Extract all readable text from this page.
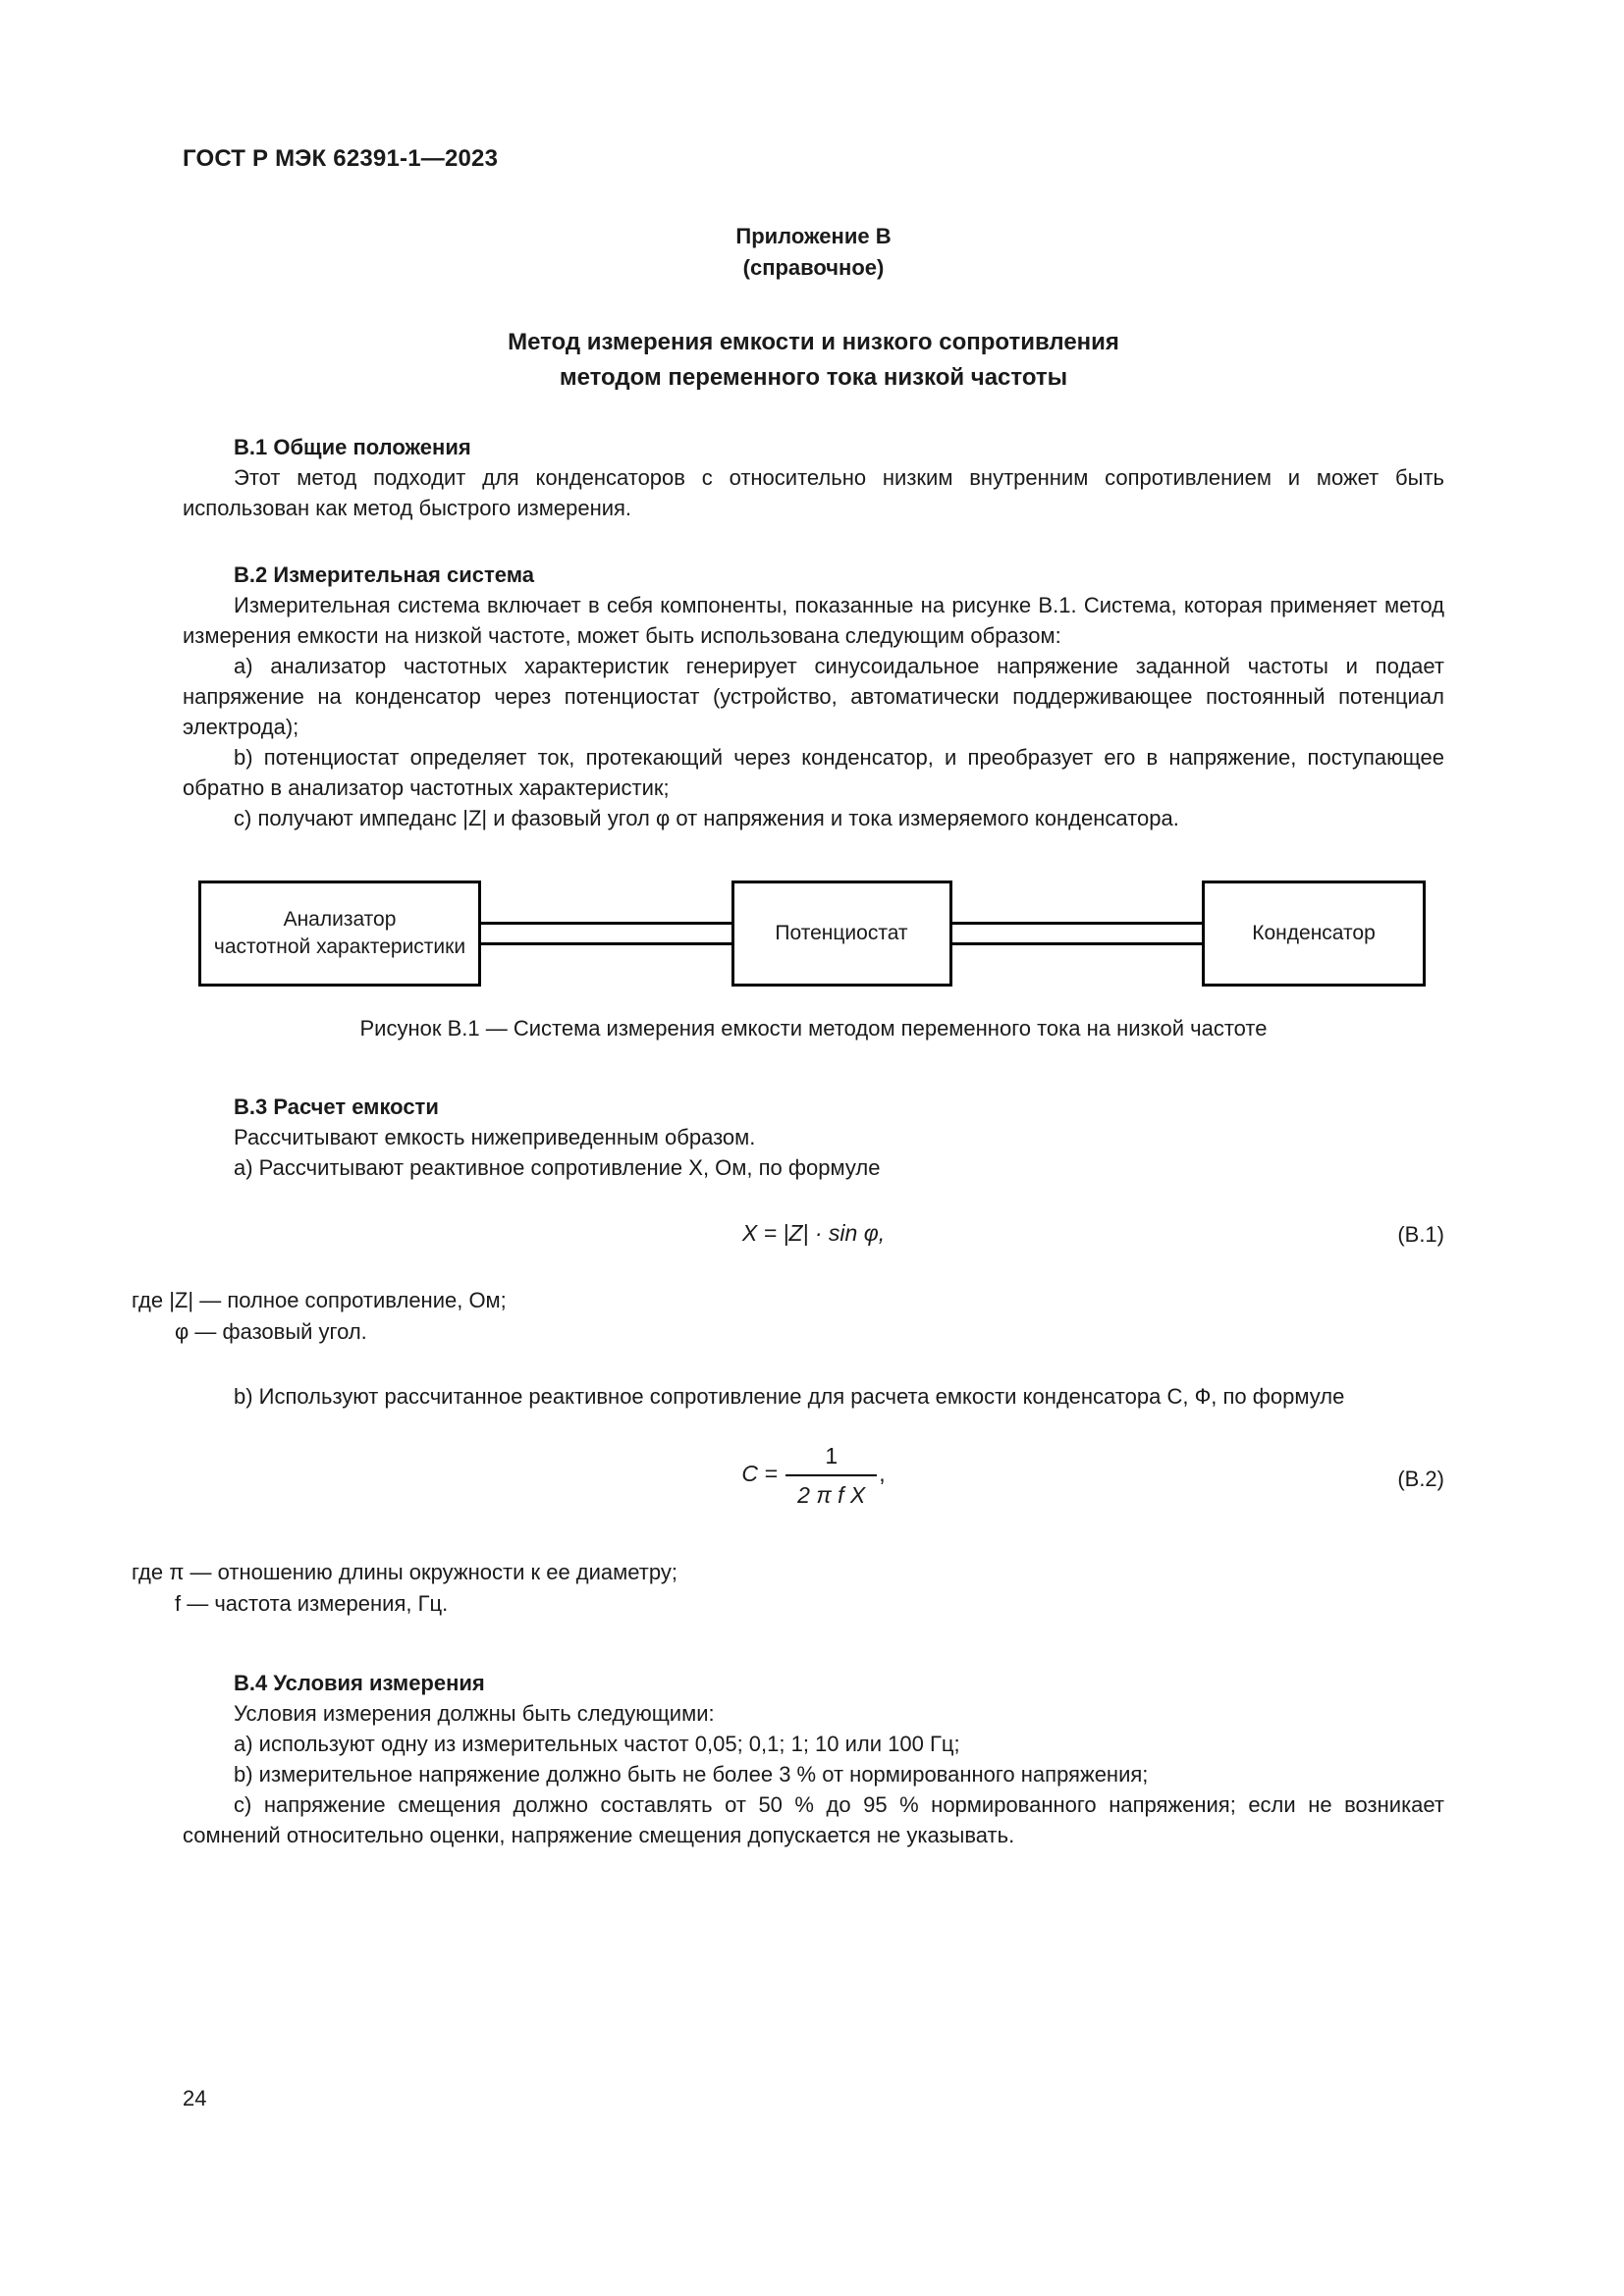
ГОСТ Р МЭК 62391-1—2023
Приложение В
(справочное)
Метод измерения емкости и низкого сопротивления
методом переменного тока низкой частоты
B.1 Общие положения

Этот метод подходит для конденсаторов с относительно низким внутренним сопротивлением и может быть использован как метод быстрого измерения.

B.2 Измерительная система

Измерительная система включает в себя компоненты, показанные на рисунке В.1. Система, которая применяет метод измерения емкости на низкой частоте, может быть использована следующим образом:

a) анализатор частотных характеристик генерирует синусоидальное напряжение заданной частоты и подает напряжение на конденсатор через потенциостат (устройство, автоматически поддерживающее постоянный потенциал электрода);

b) потенциостат определяет ток, протекающий через конденсатор, и преобразует его в напряжение, поступающее обратно в анализатор частотных характеристик;

c) получают импеданс |Z| и фазовый угол φ от напряжения и тока измеряемого конденсатора.

Анализатор
частотной характеристики
Потенциостат	Конденсатор
Рисунок В.1 — Система измерения емкости методом переменного тока на низкой частоте
B.3 Расчет емкости

Рассчитывают емкость нижеприведенным образом.

a) Рассчитывают реактивное сопротивление X, Ом, по формуле

X = |Z| · sin φ,	(B.1)
где |Z| — полное сопротивление, Ом;
φ — фазовый угол.

b) Используют рассчитанное реактивное сопротивление для расчета емкости конденсатора C, Ф, по формуле

$C = \frac{1}{\text{2 π f X}}$ ,	(B.2)
где π — отношению длины окружности к ее диаметру;
f — частота измерения, Гц.
B.4 Условия измерения

Условия измерения должны быть следующими:

a) используют одну из измерительных частот 0,05; 0,1; 1; 10 или 100 Гц;

b) измерительное напряжение должно быть не более 3 % от нормированного напряжения;

c) напряжение смещения должно составлять от 50 % до 95 % нормированного напряжения; если не возникает сомнений относительно оценки, напряжение смещения допускается не указывать.

24
